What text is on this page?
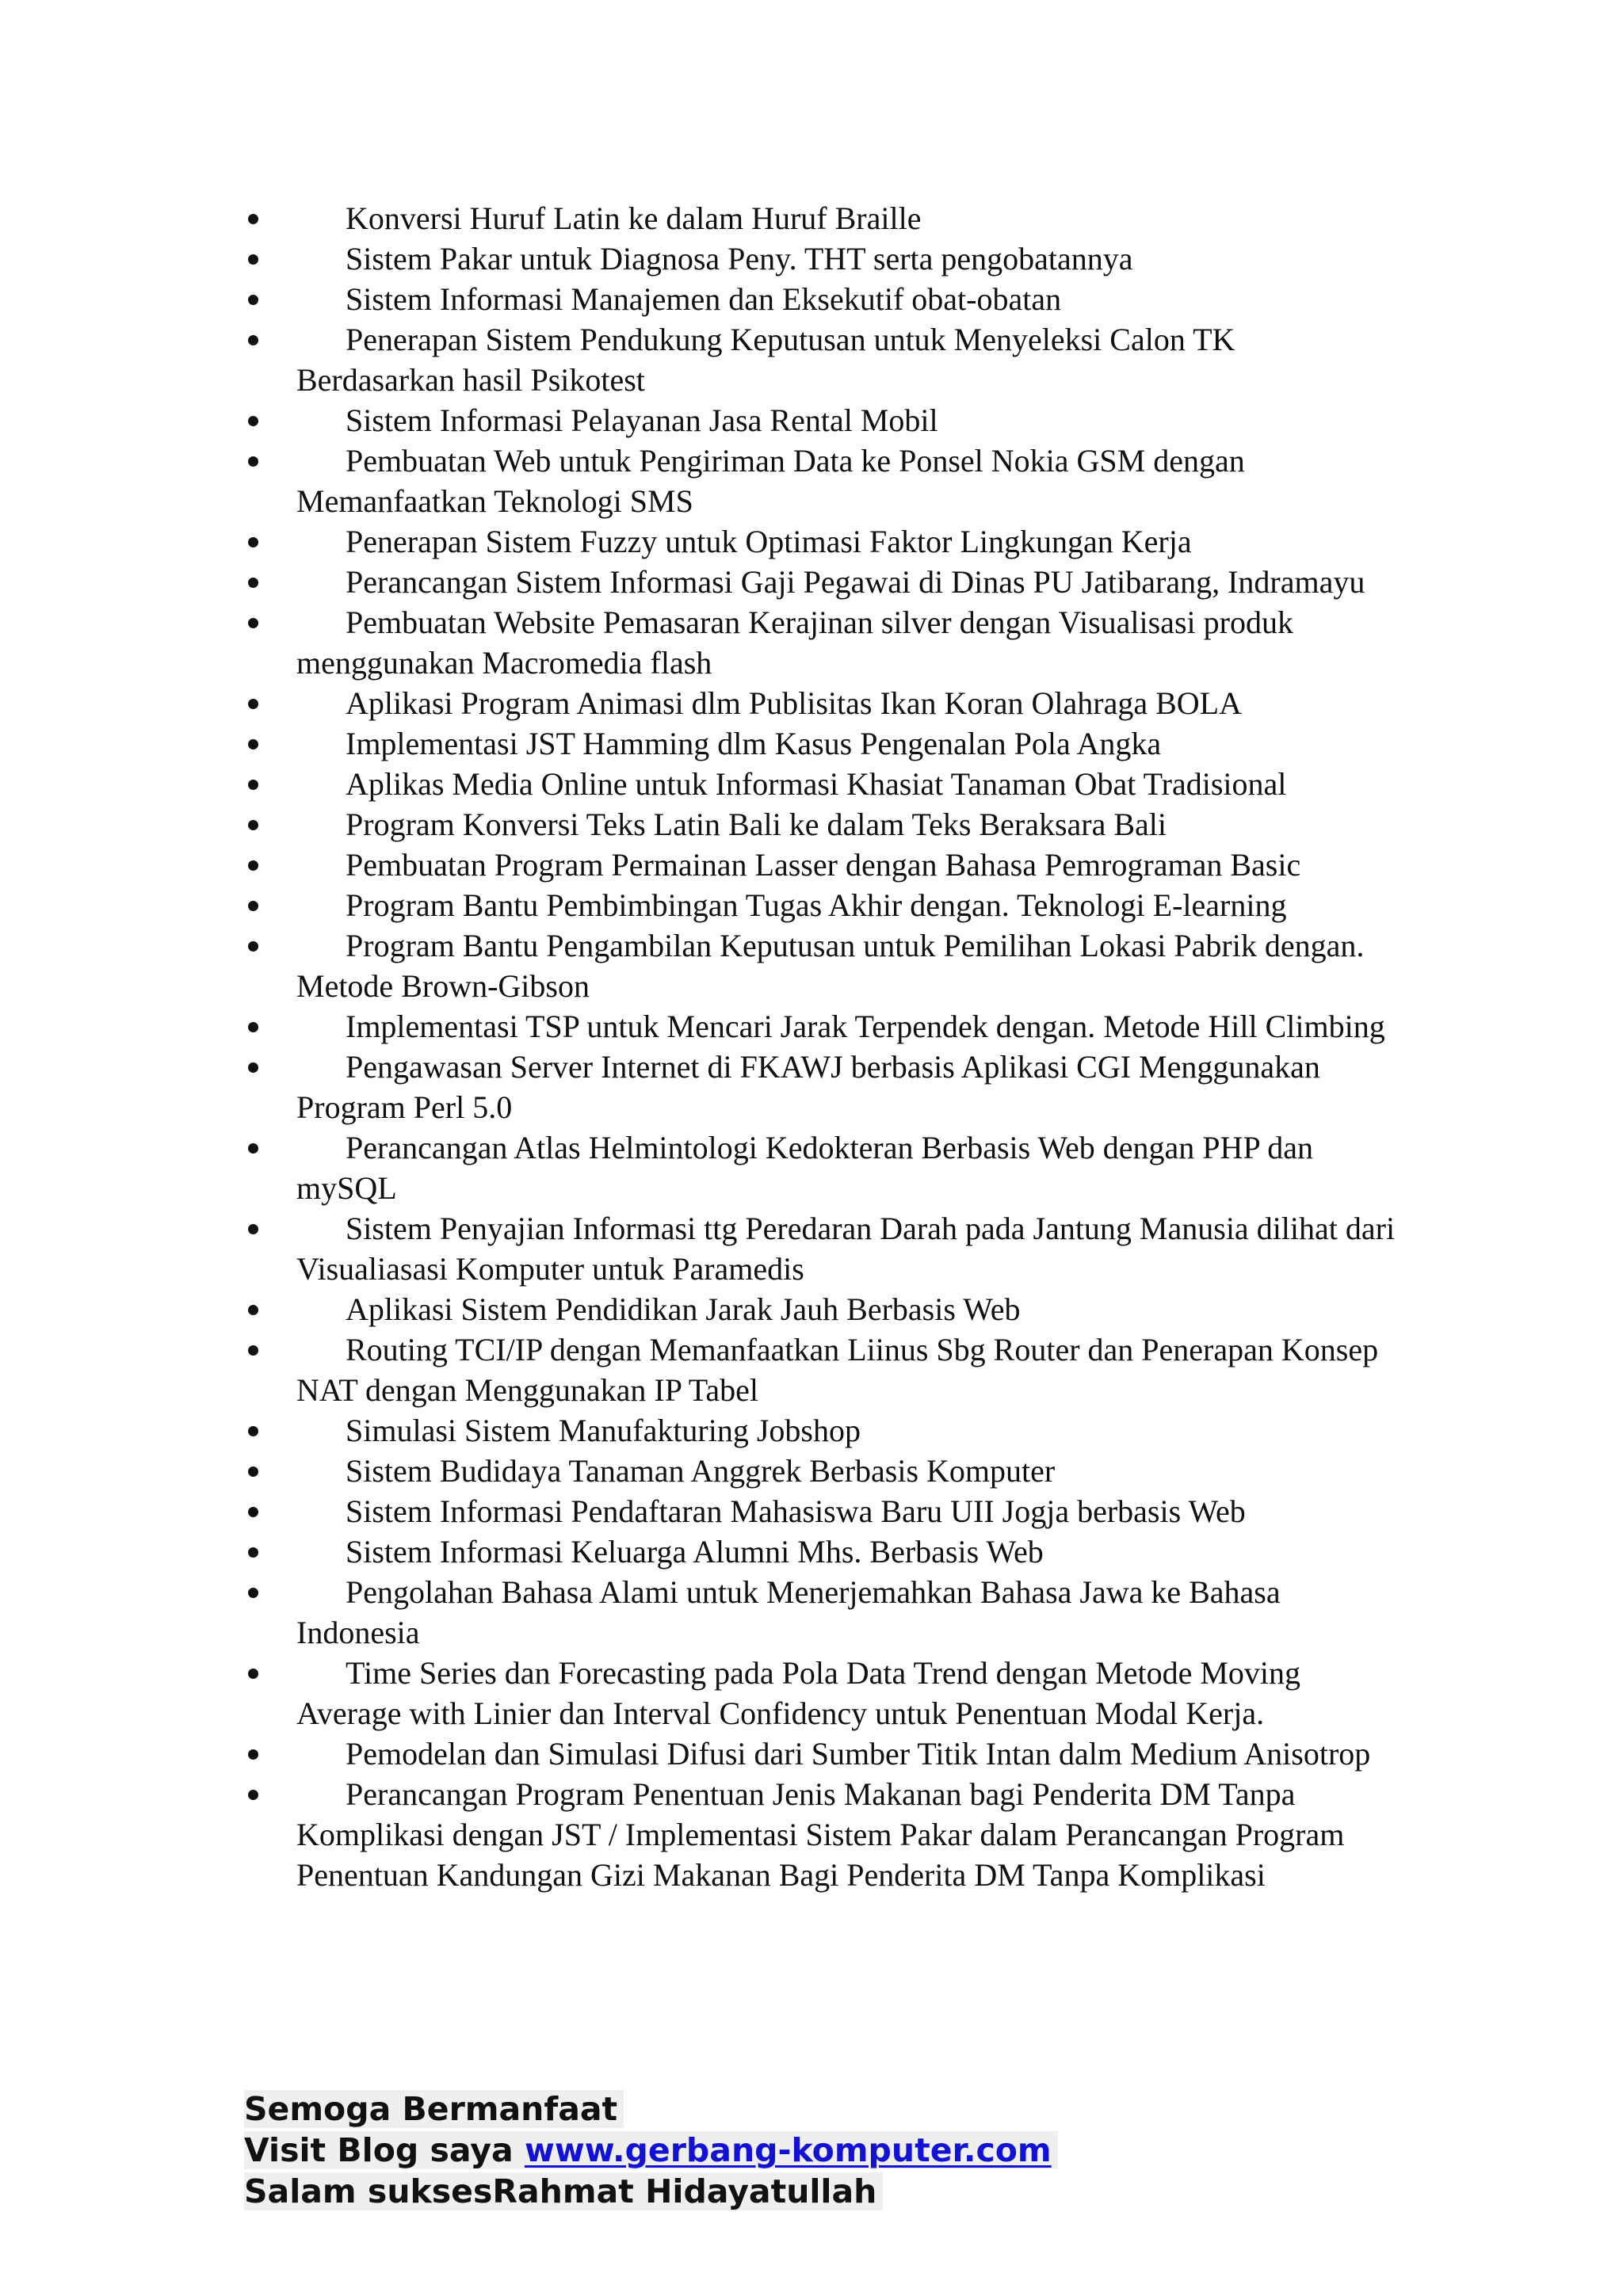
Konversi Huruf Latin ke dalam Huruf Braille
Sistem Pakar untuk Diagnosa Peny. THT serta pengobatannya
Sistem Informasi Manajemen dan Eksekutif obat-obatan
Penerapan Sistem Pendukung Keputusan untuk Menyeleksi Calon TK Berdasarkan hasil Psikotest
Sistem Informasi Pelayanan Jasa Rental Mobil
Pembuatan Web untuk Pengiriman Data ke Ponsel Nokia GSM dengan Memanfaatkan Teknologi SMS
Penerapan Sistem Fuzzy untuk Optimasi Faktor Lingkungan Kerja
Perancangan Sistem Informasi Gaji Pegawai di Dinas PU Jatibarang, Indramayu
Pembuatan Website Pemasaran Kerajinan silver dengan Visualisasi produk menggunakan Macromedia flash
Aplikasi Program Animasi dlm Publisitas Ikan Koran Olahraga BOLA
Implementasi JST Hamming dlm Kasus Pengenalan Pola Angka
Aplikas Media Online untuk Informasi Khasiat Tanaman Obat Tradisional
Program Konversi Teks Latin Bali ke dalam Teks Beraksara Bali
Pembuatan Program Permainan Lasser dengan Bahasa Pemrograman Basic
Program Bantu Pembimbingan Tugas Akhir dengan. Teknologi E-learning
Program Bantu Pengambilan Keputusan untuk Pemilihan Lokasi Pabrik dengan. Metode Brown-Gibson
Implementasi TSP untuk Mencari Jarak Terpendek dengan. Metode Hill Climbing
Pengawasan Server Internet di FKAWJ berbasis Aplikasi CGI Menggunakan Program Perl 5.0
Perancangan Atlas Helmintologi Kedokteran Berbasis Web dengan PHP dan mySQL
Sistem Penyajian Informasi ttg Peredaran Darah pada Jantung Manusia dilihat dari Visualiasasi Komputer untuk Paramedis
Aplikasi Sistem Pendidikan Jarak Jauh Berbasis Web
Routing TCI/IP dengan Memanfaatkan Liinus Sbg Router dan Penerapan Konsep NAT dengan Menggunakan IP Tabel
Simulasi Sistem Manufakturing Jobshop
Sistem Budidaya Tanaman Anggrek Berbasis Komputer
Sistem Informasi Pendaftaran Mahasiswa Baru UII Jogja berbasis Web
Sistem Informasi Keluarga Alumni Mhs. Berbasis Web
Pengolahan Bahasa Alami untuk Menerjemahkan Bahasa Jawa ke Bahasa Indonesia
Time Series dan Forecasting pada Pola Data Trend dengan Metode Moving Average with Linier dan Interval Confidency untuk Penentuan Modal Kerja.
Pemodelan dan Simulasi Difusi dari Sumber Titik Intan dalm Medium Anisotrop
Perancangan Program Penentuan Jenis Makanan bagi Penderita DM Tanpa Komplikasi dengan JST / Implementasi Sistem Pakar dalam Perancangan Program Penentuan Kandungan Gizi Makanan Bagi Penderita DM Tanpa Komplikasi
Semoga Bermanfaat
Visit Blog saya www.gerbang-komputer.com
Salam suksesRahmat Hidayatullah
